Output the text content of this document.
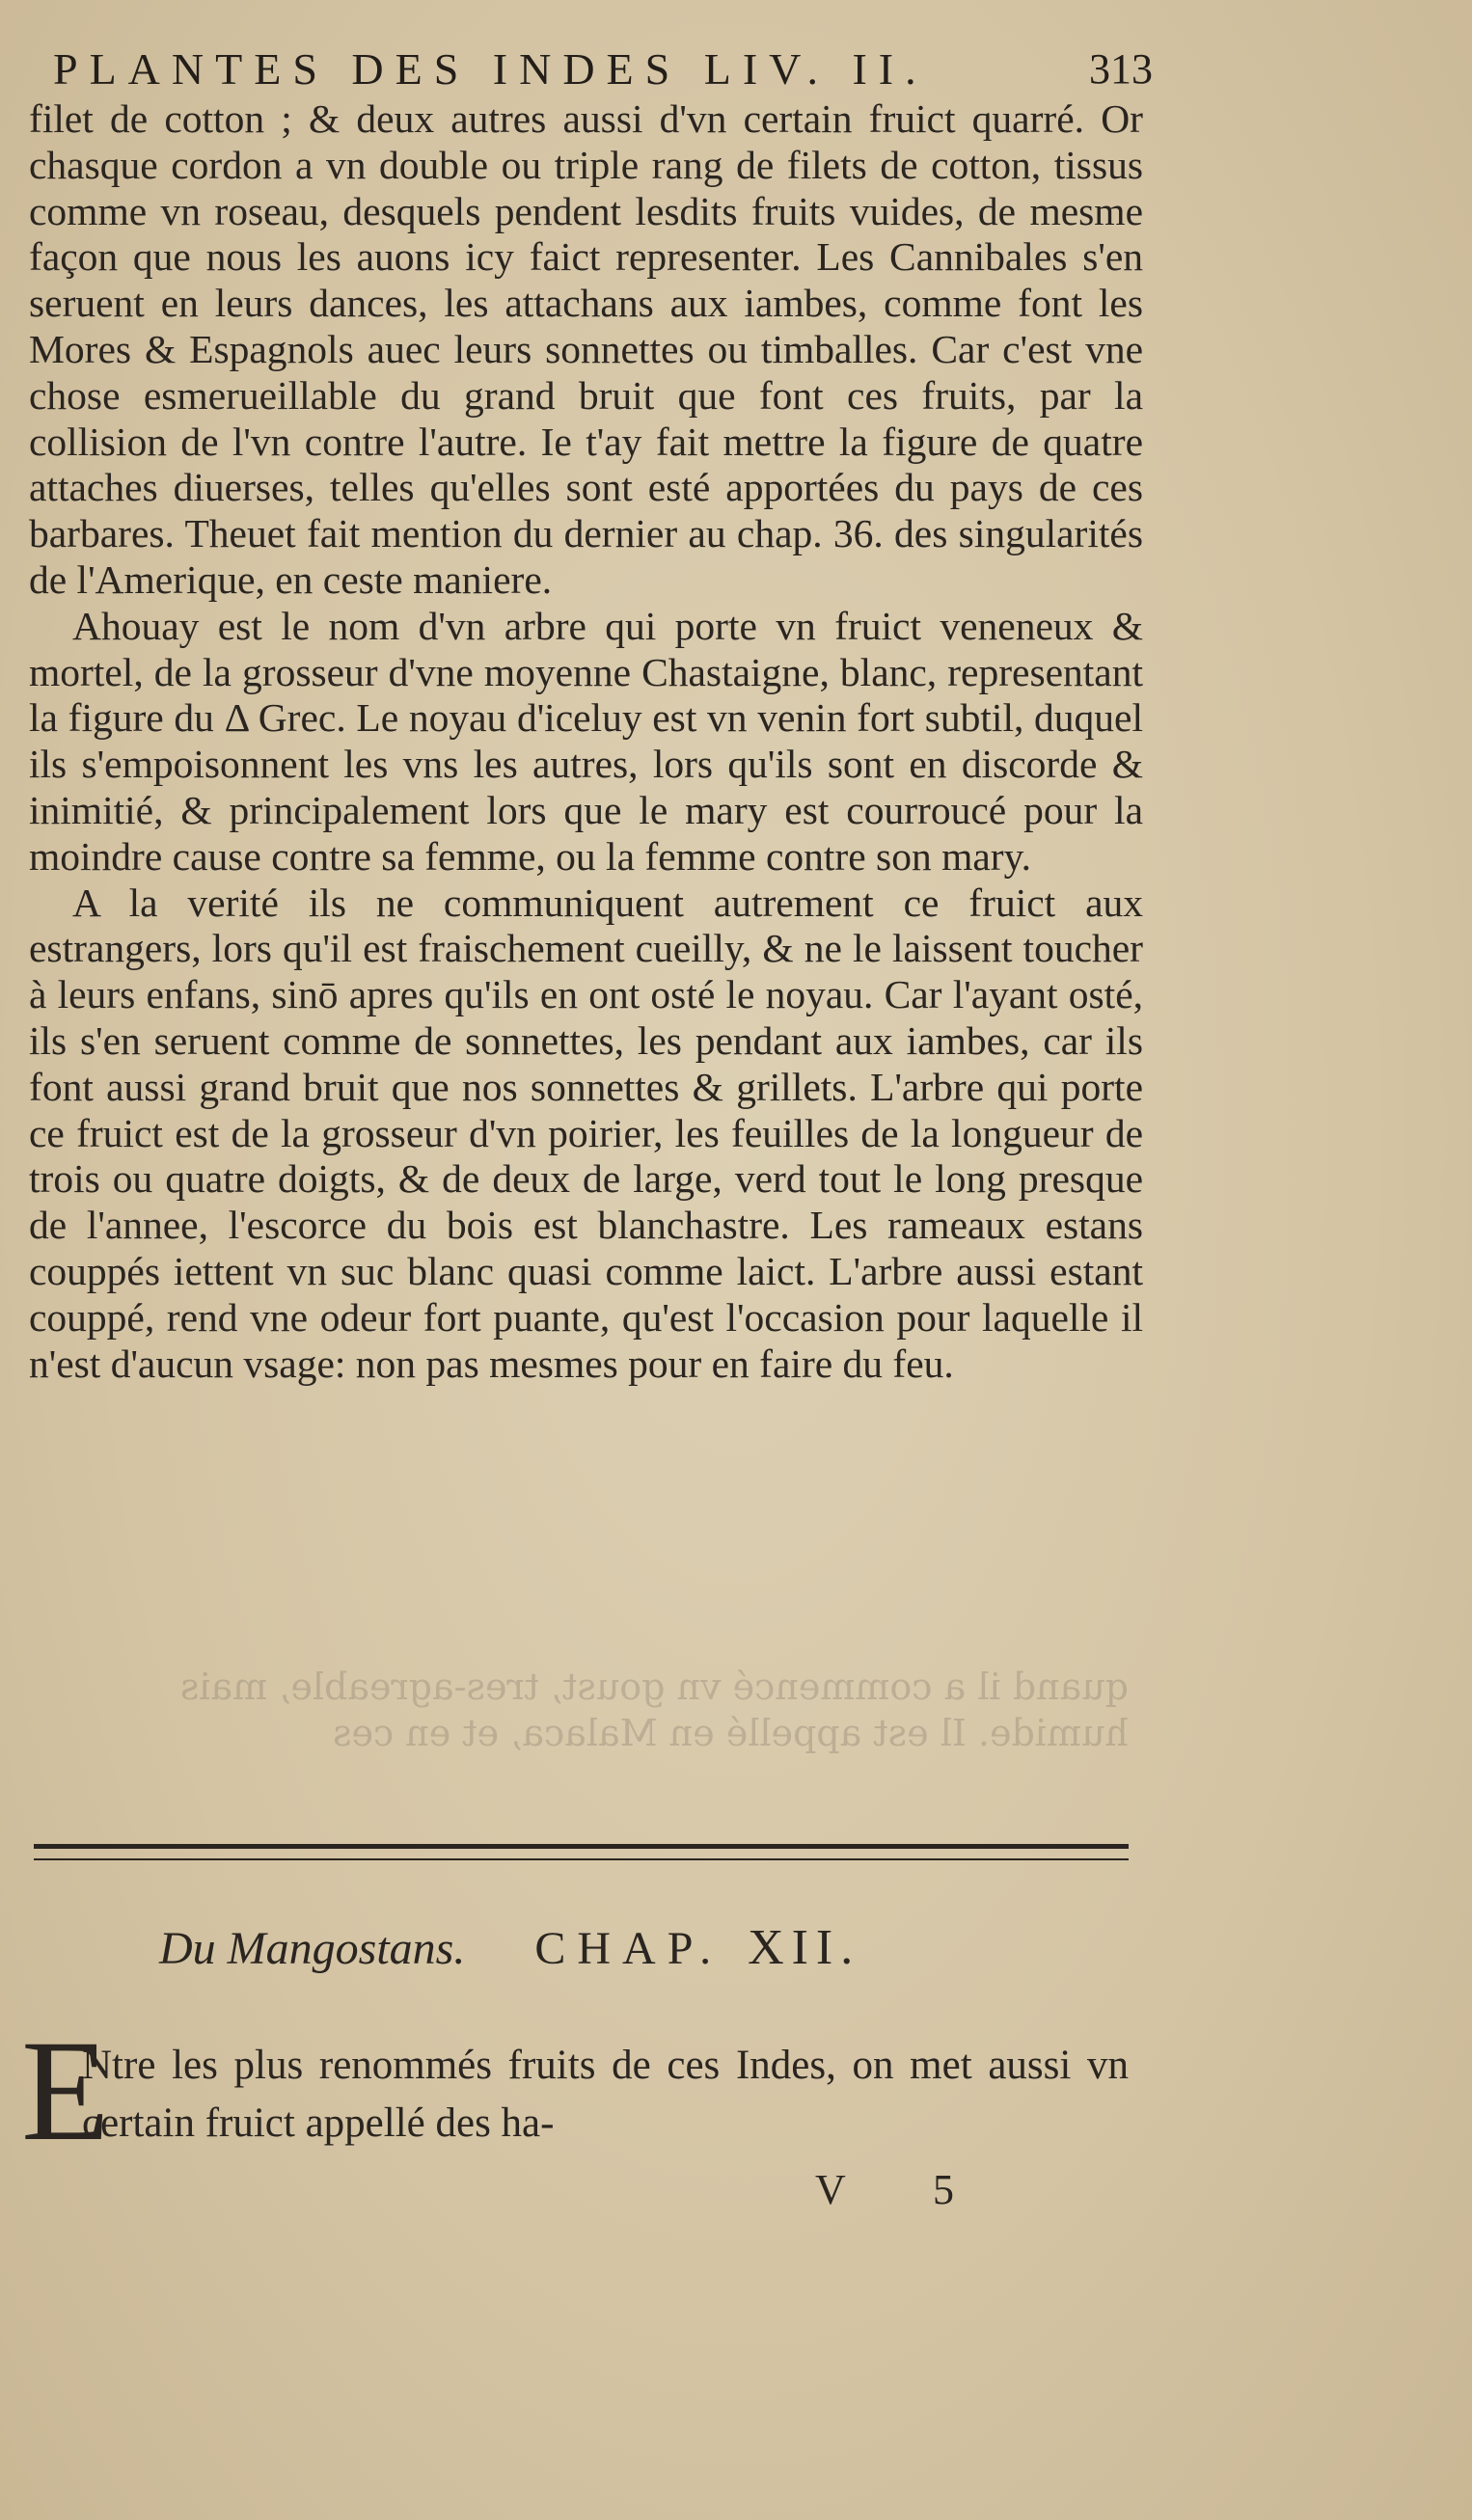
PLANTES DES INDES LIV. II.	313
quand il a commencé vn goust, tres-agreable, mais humide. Il est appellé en Malaca, et en ces

filet de cotton ; & deux autres aussi d'vn certain fruict quarré. Or chasque cordon a vn double ou triple rang de filets de cotton, tissus comme vn roseau, desquels pendent lesdits fruits vuides, de mesme façon que nous les auons icy faict representer. Les Cannibales s'en seruent en leurs dances, les attachans aux iambes, comme font les Mores & Espagnols auec leurs sonnettes ou timballes. Car c'est vne chose esmerueillable du grand bruit que font ces fruits, par la collision de l'vn contre l'autre. Ie t'ay fait mettre la figure de quatre attaches diuerses, telles qu'elles sont esté apportées du pays de ces barbares. Theuet fait mention du dernier au chap. 36. des singularités de l'Amerique, en ceste maniere.

Ahouay est le nom d'vn arbre qui porte vn fruict veneneux & mortel, de la grosseur d'vne moyenne Chastaigne, blanc, representant la figure du Δ Grec. Le noyau d'iceluy est vn venin fort subtil, duquel ils s'empoisonnent les vns les autres, lors qu'ils sont en discorde & inimitié, & principalement lors que le mary est courroucé pour la moindre cause contre sa femme, ou la femme contre son mary.

A la verité ils ne communiquent autrement ce fruict aux estrangers, lors qu'il est fraischement cueilly, & ne le laissent toucher à leurs enfans, sinō apres qu'ils en ont osté le noyau. Car l'ayant osté, ils s'en seruent comme de sonnettes, les pendant aux iambes, car ils font aussi grand bruit que nos sonnettes & grillets. L'arbre qui porte ce fruict est de la grosseur d'vn poirier, les feuilles de la longueur de trois ou quatre doigts, & de deux de large, verd tout le long presque de l'annee, l'escorce du bois est blanchastre. Les rameaux estans couppés iettent vn suc blanc quasi comme laict. L'arbre aussi estant couppé, rend vne odeur fort puante, qu'est l'occasion pour laquelle il n'est d'aucun vsage: non pas mesmes pour en faire du feu.

Du Mangostans. CHAP. XII.
E
Ntre les plus renommés fruits de ces Indes, on met aussi vn certain fruict appellé des ha-
V 5
